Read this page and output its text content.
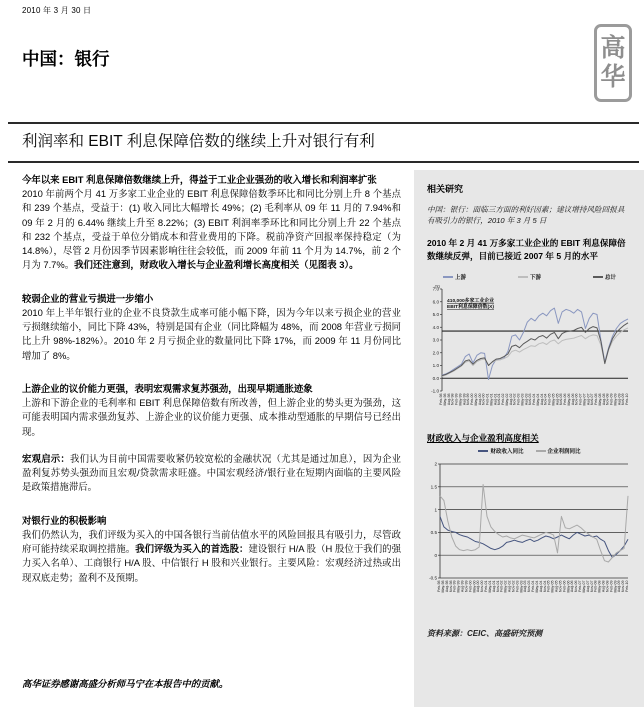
2010 年 3 月 30 日
中国：银行	高
华
利润率和 EBIT 利息保障倍数的继续上升对银行有利
今年以来 EBIT 利息保障倍数继续上升，得益于工业企业强劲的收入增长和利润率扩张

2010 年前两个月 41 万多家工业企业的 EBIT 利息保障倍数季环比和同比分别上升 8 个基点和 239 个基点，受益于：(1) 收入同比大幅增长 49%；(2) 毛利率从 09 年 11 月的 7.94%和 09 年 2 月的 6.44% 继续上升至 8.22%；(3) EBIT 利润率季环比和同比分别上升 22 个基点和 232 个基点，受益于单位分销成本和营业费用的下降。税前净资产回报率保持稳定（为 14.8%），尽管 2 月份因季节因素影响往往会较低，而 2009 年前 11 个月为 14.7%，前 2 个月为 7.7%。我们还注意到，财政收入增长与企业盈利增长高度相关（见图表 3）。

较弱企业的营业亏损进一步缩小

2010 年上半年银行业的企业不良贷款生成率可能小幅下降，因为今年以来亏损企业的营业亏损继续缩小，同比下降 43%，特别是国有企业（同比降幅为 48%，而 2008 年营业亏损同比上升 98%-182%）。2010 年 2 月亏损企业的数量同比下降 17%，而 2009 年 11 月份同比增加了 8%。

上游企业的议价能力更强，表明宏观需求复苏强劲，出现早期通胀迹象

上游和下游企业的毛利率和 EBIT 利息保障倍数有所改善，但上游企业的势头更为强劲，这可能表明国内需求强劲复苏、上游企业的议价能力更强、成本推动型通胀的早期信号已经出现。

宏观启示：我们认为目前中国需要收紧仍较宽松的金融状况（尤其是通过加息），因为企业盈利复苏势头强劲而且宏观/贷款需求旺盛。中国宏观经济/银行业在短期内面临的主要风险是政策措施滞后。

对银行业的积极影响

我们仍然认为，我们评级为买入的中国各银行当前估值水平的风险回报具有吸引力，尽管政府可能持续采取调控措施。我们评级为买入的首选股：建设银行 H/A 股（H 股位于我们的强力买入名单）、工商银行 H/A 股、中信银行 H 股和兴业银行。主要风险：宏观经济过热或出现双底走势；盈利不及预期。

高华证券感谢高盛分析师马宁在本报告中的贡献。
相关研究
中国：银行：面临三方面的利好因素；建议增持风险回报具有吸引力的银行，2010 年 3 月 5 日
2010 年 2 月 41 万多家工业企业的 EBIT 利息保障倍数继续反弹，目前已接近 2007 年 5 月的水平
上游	下游	总计
7.0
6.0
5.0
4.0
3.0
2.0
1.0
0.0
-1.0
(X)
410,000多家工业企业
EBIT利息保障倍数(X)
Feb-98 May-98 Aug-98 Nov-98 Feb-99 May-99 Aug-99 Nov-99 Feb-00 May-00 Aug-00 Nov-00 Feb-01 May-01 Aug-01 Nov-01 Feb-02 May-02 Aug-02 Nov-02 Feb-03 May-03 Aug-03 Nov-03 Feb-04 May-04 Aug-04 Nov-04 Feb-05 May-05 Aug-05 Nov-05 Feb-06 May-06 Aug-06 Nov-06 Feb-07 May-07 Aug-07 Nov-07 Feb-08 May-08 Aug-08 Nov-08 Feb-09 May-09 Aug-09 Nov-09 Feb-10
财政收入与企业盈利高度相关
财政收入同比	企业利润同比
2
1.5
1
0.5
0
-0.5
Feb-98 May-98 Aug-98 Nov-98 Feb-99 May-99 Aug-99 Nov-99 Feb-00 May-00 Aug-00 Nov-00 Feb-01 May-01 Aug-01 Nov-01 Feb-02 May-02 Aug-02 Nov-02 Feb-03 May-03 Aug-03 Nov-03 Feb-04 May-04 Aug-04 Nov-04 Feb-05 May-05 Aug-05 Nov-05 Feb-06 May-06 Aug-06 Nov-06 Feb-07 May-07 Aug-07 Nov-07 Feb-08 May-08 Aug-08 Nov-08 Feb-09 May-09 Aug-09 Nov-09 Feb-10
资料来源：CEIC、高盛研究预测
